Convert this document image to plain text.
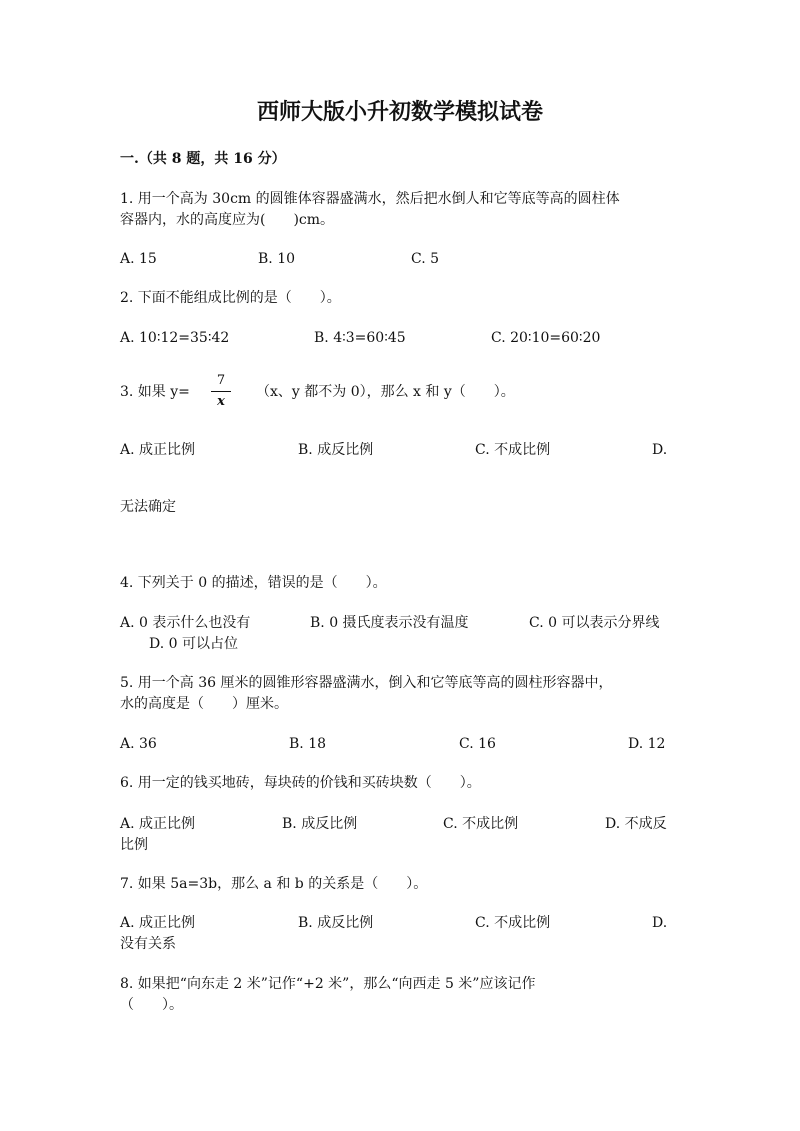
西师大版小升初数学模拟试卷
一.（共 8 题，共 16 分）
1. 用一个高为 30cm 的圆锥体容器盛满水，然后把水倒人和它等底等高的圆柱体
容器内，水的高度应为(　　)cm。
A. 15	B. 10	C. 5
2. 下面不能组成比例的是（　　）。
A. 10∶12=35∶42	B. 4∶3=60∶45	C. 20∶10=60∶20
3. 如果 y=
7
x
（x、y 都不为 0），那么 x 和 y（　　）。
A. 成正比例	B. 成反比例	C. 不成比例	D.
无法确定
4. 下列关于 0 的描述，错误的是（　　）。
A. 0 表示什么也没有	B. 0 摄氏度表示没有温度	C. 0 可以表示分界线
D. 0 可以占位
5. 用一个高 36 厘米的圆锥形容器盛满水，倒入和它等底等高的圆柱形容器中，
水的高度是（　　）厘米。
A. 36	B. 18	C. 16	D. 12
6. 用一定的钱买地砖，每块砖的价钱和买砖块数（　　）。
A. 成正比例	B. 成反比例	C. 不成比例	D. 不成反
比例
7. 如果 5a=3b，那么 a 和 b 的关系是（　　）。
A. 成正比例	B. 成反比例	C. 不成比例	D.
没有关系
8. 如果把“向东走 2 米”记作“+2 米”，那么“向西走 5 米”应该记作
（　　）。
